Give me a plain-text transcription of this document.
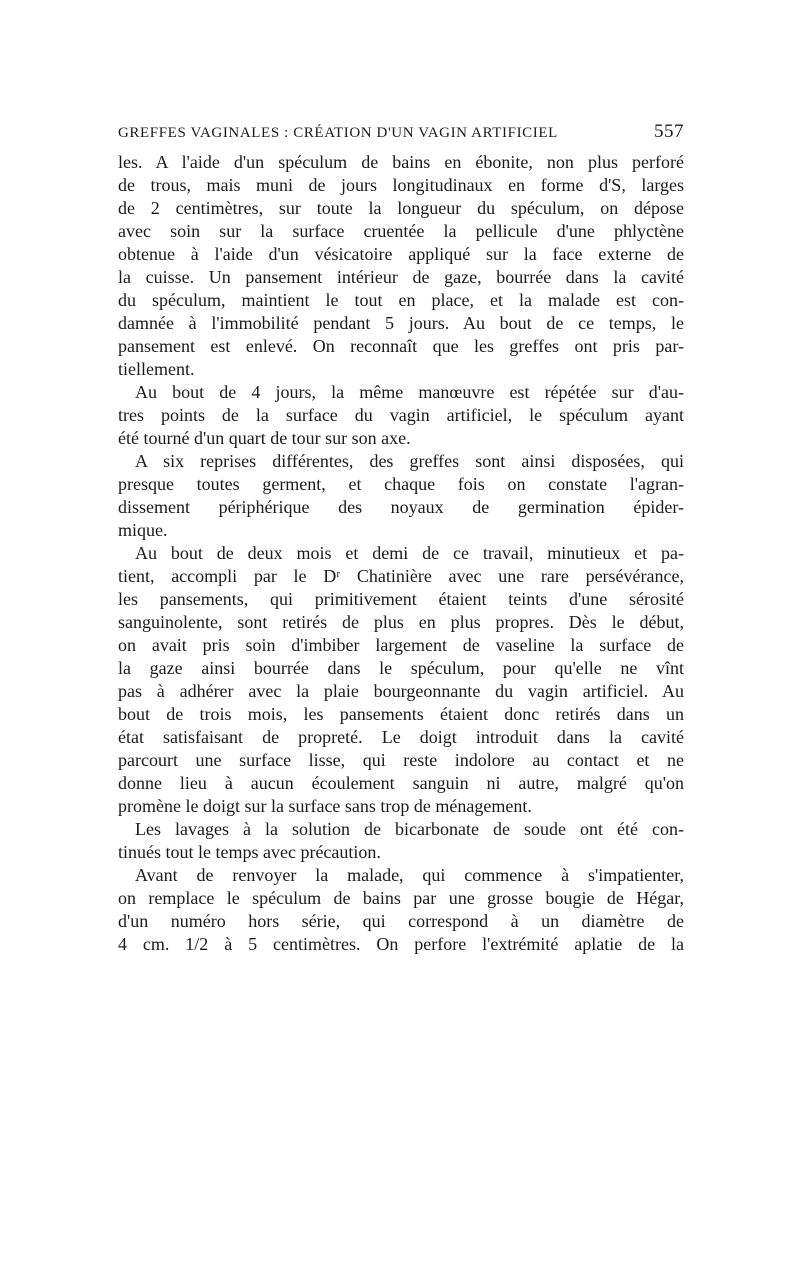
GREFFES VAGINALES : CRÉATION D'UN VAGIN ARTIFICIEL	557
les. A l'aide d'un spéculum de bains en ébonite, non plus perforé
de trous, mais muni de jours longitudinaux en forme d'S, larges
de 2 centimètres, sur toute la longueur du spéculum, on dépose
avec soin sur la surface cruentée la pellicule d'une phlyctène
obtenue à l'aide d'un vésicatoire appliqué sur la face externe de
la cuisse. Un pansement intérieur de gaze, bourrée dans la cavité
du spéculum, maintient le tout en place, et la malade est con-
damnée à l'immobilité pendant 5 jours. Au bout de ce temps, le
pansement est enlevé. On reconnaît que les greffes ont pris par-
tiellement.
Au bout de 4 jours, la même manœuvre est répétée sur d'au-
tres points de la surface du vagin artificiel, le spéculum ayant
été tourné d'un quart de tour sur son axe.
A six reprises différentes, des greffes sont ainsi disposées, qui
presque toutes germent, et chaque fois on constate l'agran-
dissement périphérique des noyaux de germination épider-
mique.
Au bout de deux mois et demi de ce travail, minutieux et pa-
tient, accompli par le Dʳ Chatinière avec une rare persévérance,
les pansements, qui primitivement étaient teints d'une sérosité
sanguinolente, sont retirés de plus en plus propres. Dès le début,
on avait pris soin d'imbiber largement de vaseline la surface de
la gaze ainsi bourrée dans le spéculum, pour qu'elle ne vînt
pas à adhérer avec la plaie bourgeonnante du vagin artificiel. Au
bout de trois mois, les pansements étaient donc retirés dans un
état satisfaisant de propreté. Le doigt introduit dans la cavité
parcourt une surface lisse, qui reste indolore au contact et ne
donne lieu à aucun écoulement sanguin ni autre, malgré qu'on
promène le doigt sur la surface sans trop de ménagement.
Les lavages à la solution de bicarbonate de soude ont été con-
tinués tout le temps avec précaution.
Avant de renvoyer la malade, qui commence à s'impatienter,
on remplace le spéculum de bains par une grosse bougie de Hégar,
d'un numéro hors série, qui correspond à un diamètre de
4 cm. 1/2 à 5 centimètres. On perfore l'extrémité aplatie de la
